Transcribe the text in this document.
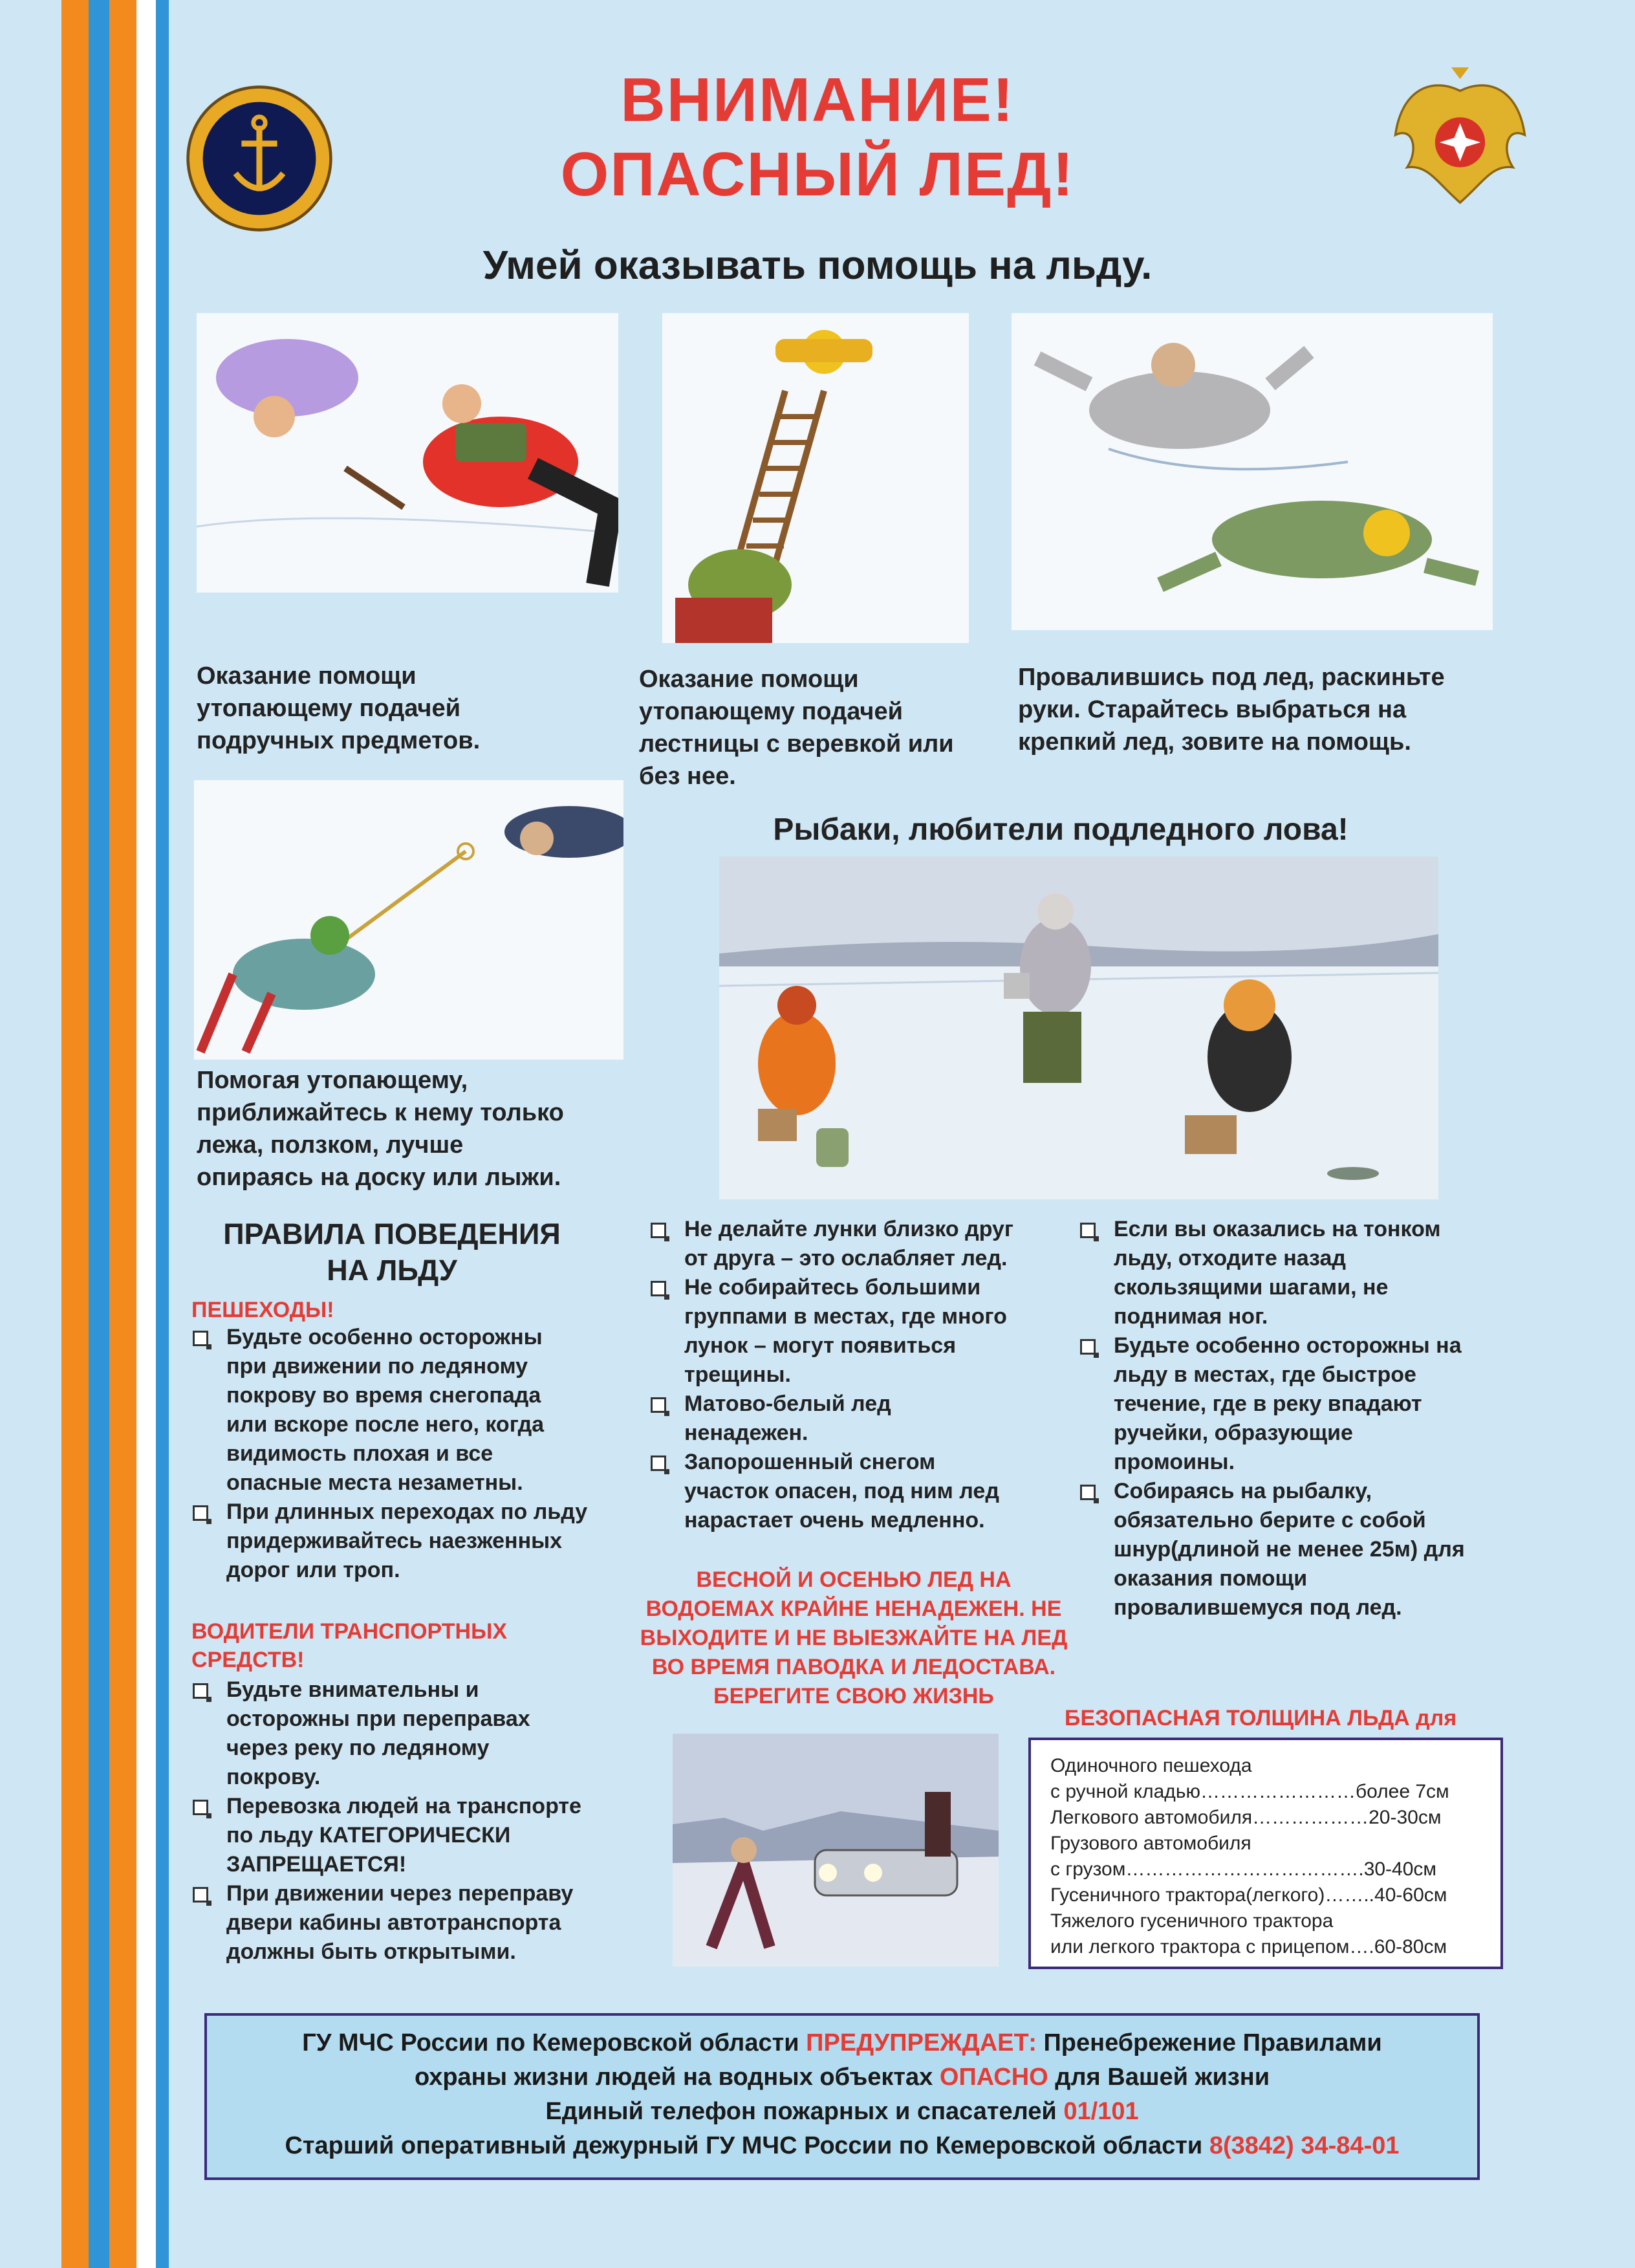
ВНИМАНИЕ!
ОПАСНЫЙ ЛЕД!
Умей оказывать помощь на льду.
Оказание помощи
утопающему подачей
подручных предметов.
Оказание помощи
утопающему подачей
лестницы с веревкой или
без нее.
Провалившись под лед, раскиньте
руки. Старайтесь выбраться на
крепкий лед, зовите на помощь.
Помогая утопающему,
приближайтесь к нему только
лежа, ползком, лучше
опираясь на доску или лыжи.
Рыбаки, любители подледного лова!
ПРАВИЛА ПОВЕДЕНИЯ
НА ЛЬДУ
ПЕШЕХОДЫ!
Будьте особенно осторожны
при движении по ледяному
покрову во время снегопада
или вскоре после него, когда
видимость плохая и все
опасные места незаметны.
При длинных переходах по льду
придерживайтесь наезженных
дорог или троп.
ВОДИТЕЛИ ТРАНСПОРТНЫХ
СРЕДСТВ!
Будьте внимательны и
осторожны при переправах
через реку по ледяному
покрову.
Перевозка людей на транспорте
по льду КАТЕГОРИЧЕСКИ
ЗАПРЕЩАЕТСЯ!
При движении через переправу
двери кабины автотранспорта
должны быть открытыми.
Не делайте лунки близко друг
от друга – это ослабляет лед.
Не собирайтесь большими
группами в местах, где много
лунок – могут появиться
трещины.
Матово-белый лед
ненадежен.
Запорошенный снегом
участок опасен, под ним лед
нарастает очень медленно.
Если вы оказались на тонком
льду, отходите назад
скользящими шагами, не
поднимая ног.
Будьте особенно осторожны на
льду в местах, где быстрое
течение, где в реку впадают
ручейки, образующие
промоины.
Собираясь на рыбалку,
обязательно берите с собой
шнур(длиной не менее 25м) для
оказания помощи
провалившемуся под лед.
ВЕСНОЙ И ОСЕНЬЮ ЛЕД НА
ВОДОЕМАХ КРАЙНЕ НЕНАДЕЖЕН. НЕ
ВЫХОДИТЕ И НЕ ВЫЕЗЖАЙТЕ НА ЛЕД
ВО ВРЕМЯ ПАВОДКА И ЛЕДОСТАВА.
БЕРЕГИТЕ СВОЮ ЖИЗНЬ
БЕЗОПАСНАЯ ТОЛЩИНА ЛЬДА для
Одиночного пешехода
с ручной кладью……………………более 7см
Легкового автомобиля………………20-30см
Грузового автомобиля
с грузом……………………………….30-40см
Гусеничного трактора(легкого)……..40-60см
Тяжелого гусеничного трактора
или легкого трактора с прицепом….60-80см
ГУ МЧС России по Кемеровской области ПРЕДУПРЕЖДАЕТ: Пренебрежение Правилами
охраны жизни людей на водных объектах ОПАСНО для Вашей жизни
Единый телефон пожарных и спасателей 01/101
Старший оперативный дежурный ГУ МЧС России по Кемеровской области 8(3842) 34-84-01
